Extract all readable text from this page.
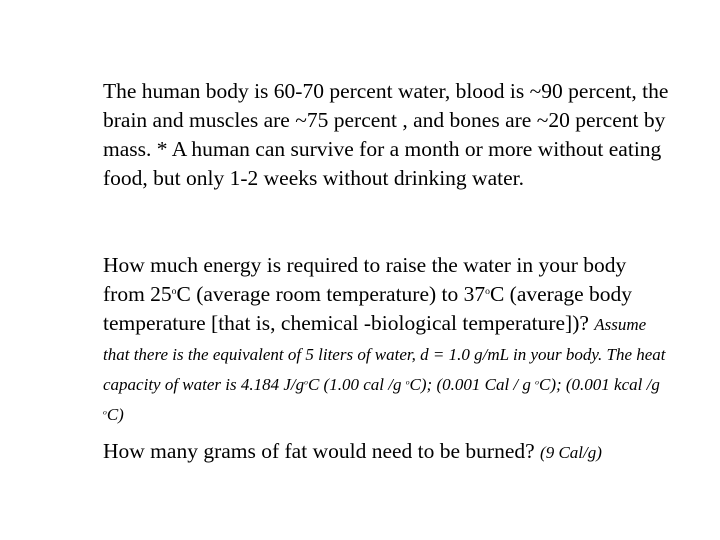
The human body is 60-70 percent water, blood is ~90 percent, the brain and muscles are ~75 percent , and bones are ~20 percent by mass. * A human can survive for a month or more without eating food, but only 1-2 weeks without drinking water.

How much energy is required to raise the water in your body from 25$^o$C (average room temperature) to 37$^o$C (average body temperature [that is, chemical -biological temperature])? Assume that there is the equivalent of 5 liters of water, d = 1.0 g/mL in your body. The heat capacity of water is 4.184 $J/g^oC$ (1.00 cal /g $^o$C); (0.001 Cal / g $^o$C); (0.001 kcal /g $^o$C)

How many grams of fat would need to be burned? (9 Cal/g)
